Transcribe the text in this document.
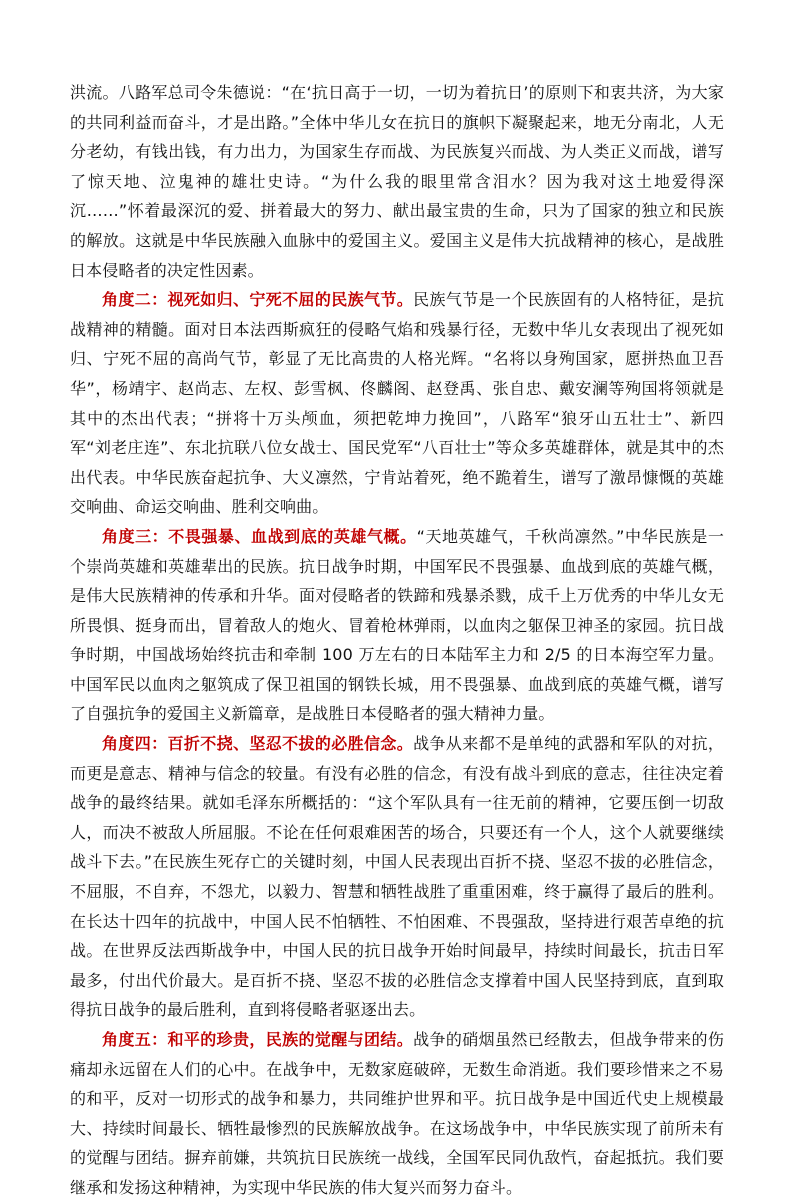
洪流。八路军总司令朱德说：“在‘抗日高于一切，一切为着抗日’的原则下和衷共济，为大家的共同利益而奋斗，才是出路。”全体中华儿女在抗日的旗帜下凝聚起来，地无分南北，人无分老幼，有钱出钱，有力出力，为国家生存而战、为民族复兴而战、为人类正义而战，谱写了惊天地、泣鬼神的雄壮史诗。“为什么我的眼里常含泪水？因为我对这土地爱得深沉……”怀着最深沉的爱、拼着最大的努力、献出最宝贵的生命，只为了国家的独立和民族的解放。这就是中华民族融入血脉中的爱国主义。爱国主义是伟大抗战精神的核心，是战胜日本侵略者的决定性因素。

角度二：视死如归、宁死不屈的民族气节。民族气节是一个民族固有的人格特征，是抗战精神的精髓。面对日本法西斯疯狂的侵略气焰和残暴行径，无数中华儿女表现出了视死如归、宁死不屈的高尚气节，彰显了无比高贵的人格光辉。“名将以身殉国家，愿拼热血卫吾华”，杨靖宇、赵尚志、左权、彭雪枫、佟麟阁、赵登禹、张自忠、戴安澜等殉国将领就是其中的杰出代表；“拼将十万头颅血，须把乾坤力挽回”，八路军“狼牙山五壮士”、新四军“刘老庄连”、东北抗联八位女战士、国民党军“八百壮士”等众多英雄群体，就是其中的杰出代表。中华民族奋起抗争、大义凛然，宁肯站着死，绝不跪着生，谱写了激昂慷慨的英雄交响曲、命运交响曲、胜利交响曲。

角度三：不畏强暴、血战到底的英雄气概。“天地英雄气，千秋尚凛然。”中华民族是一个崇尚英雄和英雄辈出的民族。抗日战争时期，中国军民不畏强暴、血战到底的英雄气概，是伟大民族精神的传承和升华。面对侵略者的铁蹄和残暴杀戮，成千上万优秀的中华儿女无所畏惧、挺身而出，冒着敌人的炮火、冒着枪林弹雨，以血肉之躯保卫神圣的家园。抗日战争时期，中国战场始终抗击和牵制 100 万左右的日本陆军主力和 2/5 的日本海空军力量。中国军民以血肉之躯筑成了保卫祖国的钢铁长城，用不畏强暴、血战到底的英雄气概，谱写了自强抗争的爱国主义新篇章，是战胜日本侵略者的强大精神力量。

角度四：百折不挠、坚忍不拔的必胜信念。战争从来都不是单纯的武器和军队的对抗，而更是意志、精神与信念的较量。有没有必胜的信念，有没有战斗到底的意志，往往决定着战争的最终结果。就如毛泽东所概括的：“这个军队具有一往无前的精神，它要压倒一切敌人，而决不被敌人所屈服。不论在任何艰难困苦的场合，只要还有一个人，这个人就要继续战斗下去。”在民族生死存亡的关键时刻，中国人民表现出百折不挠、坚忍不拔的必胜信念，不屈服，不自弃，不怨尤，以毅力、智慧和牺牲战胜了重重困难，终于赢得了最后的胜利。在长达十四年的抗战中，中国人民不怕牺牲、不怕困难、不畏强敌，坚持进行艰苦卓绝的抗战。在世界反法西斯战争中，中国人民的抗日战争开始时间最早，持续时间最长，抗击日军最多，付出代价最大。是百折不挠、坚忍不拔的必胜信念支撑着中国人民坚持到底，直到取得抗日战争的最后胜利，直到将侵略者驱逐出去。

角度五：和平的珍贵，民族的觉醒与团结。战争的硝烟虽然已经散去，但战争带来的伤痛却永远留在人们的心中。在战争中，无数家庭破碎，无数生命消逝。我们要珍惜来之不易的和平，反对一切形式的战争和暴力，共同维护世界和平。抗日战争是中国近代史上规模最大、持续时间最长、牺牲最惨烈的民族解放战争。在这场战争中，中华民族实现了前所未有的觉醒与团结。摒弃前嫌，共筑抗日民族统一战线，全国军民同仇敌忾，奋起抵抗。我们要继承和发扬这种精神，为实现中华民族的伟大复兴而努力奋斗。
